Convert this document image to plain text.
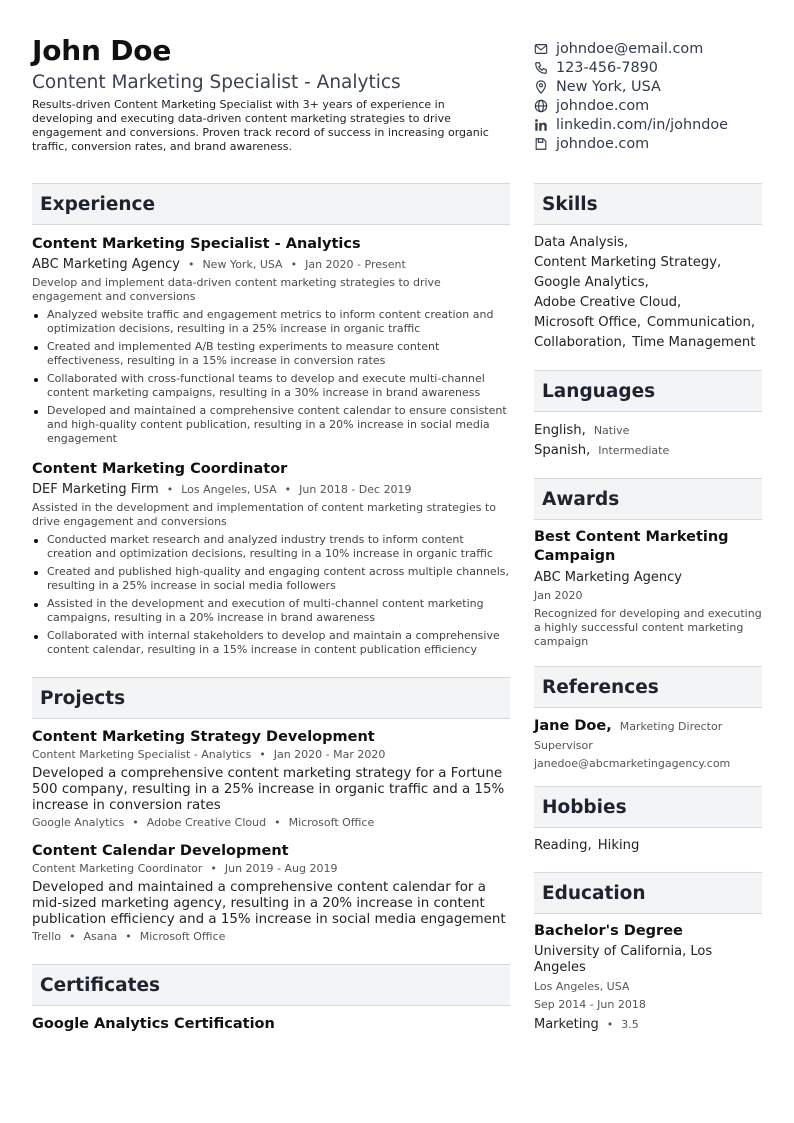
John Doe
Content Marketing Specialist - Analytics
Results-driven Content Marketing Specialist with 3+ years of experience in developing and executing data-driven content marketing strategies to drive engagement and conversions. Proven track record of success in increasing organic traffic, conversion rates, and brand awareness.
johndoe@email.com
123-456-7890
New York, USA
johndoe.com
linkedin.com/in/johndoe
johndoe.com
Experience
Content Marketing Specialist - Analytics
ABC Marketing Agency • New York, USA • Jan 2020 - Present
Develop and implement data-driven content marketing strategies to drive engagement and conversions
Analyzed website traffic and engagement metrics to inform content creation and optimization decisions, resulting in a 25% increase in organic traffic
Created and implemented A/B testing experiments to measure content effectiveness, resulting in a 15% increase in conversion rates
Collaborated with cross-functional teams to develop and execute multi-channel content marketing campaigns, resulting in a 30% increase in brand awareness
Developed and maintained a comprehensive content calendar to ensure consistent and high-quality content publication, resulting in a 20% increase in social media engagement
Content Marketing Coordinator
DEF Marketing Firm • Los Angeles, USA • Jun 2018 - Dec 2019
Assisted in the development and implementation of content marketing strategies to drive engagement and conversions
Conducted market research and analyzed industry trends to inform content creation and optimization decisions, resulting in a 10% increase in organic traffic
Created and published high-quality and engaging content across multiple channels, resulting in a 25% increase in social media followers
Assisted in the development and execution of multi-channel content marketing campaigns, resulting in a 20% increase in brand awareness
Collaborated with internal stakeholders to develop and maintain a comprehensive content calendar, resulting in a 15% increase in content publication efficiency
Projects
Content Marketing Strategy Development
Content Marketing Specialist - Analytics • Jan 2020 - Mar 2020
Developed a comprehensive content marketing strategy for a Fortune 500 company, resulting in a 25% increase in organic traffic and a 15% increase in conversion rates
Google Analytics • Adobe Creative Cloud • Microsoft Office
Content Calendar Development
Content Marketing Coordinator • Jun 2019 - Aug 2019
Developed and maintained a comprehensive content calendar for a mid-sized marketing agency, resulting in a 20% increase in content publication efficiency and a 15% increase in social media engagement
Trello • Asana • Microsoft Office
Certificates
Google Analytics Certification
Skills
Data Analysis,
Content Marketing Strategy,
Google Analytics,
Adobe Creative Cloud,
Microsoft Office, Communication,
Collaboration, Time Management
Languages
English, Native
Spanish, Intermediate
Awards
Best Content Marketing Campaign
ABC Marketing Agency
Jan 2020
Recognized for developing and executing a highly successful content marketing campaign
References
Jane Doe, Marketing Director
Supervisor
janedoe@abcmarketingagency.com
Hobbies
Reading, Hiking
Education
Bachelor's Degree
University of California, Los Angeles
Los Angeles, USA
Sep 2014 - Jun 2018
Marketing • 3.5
